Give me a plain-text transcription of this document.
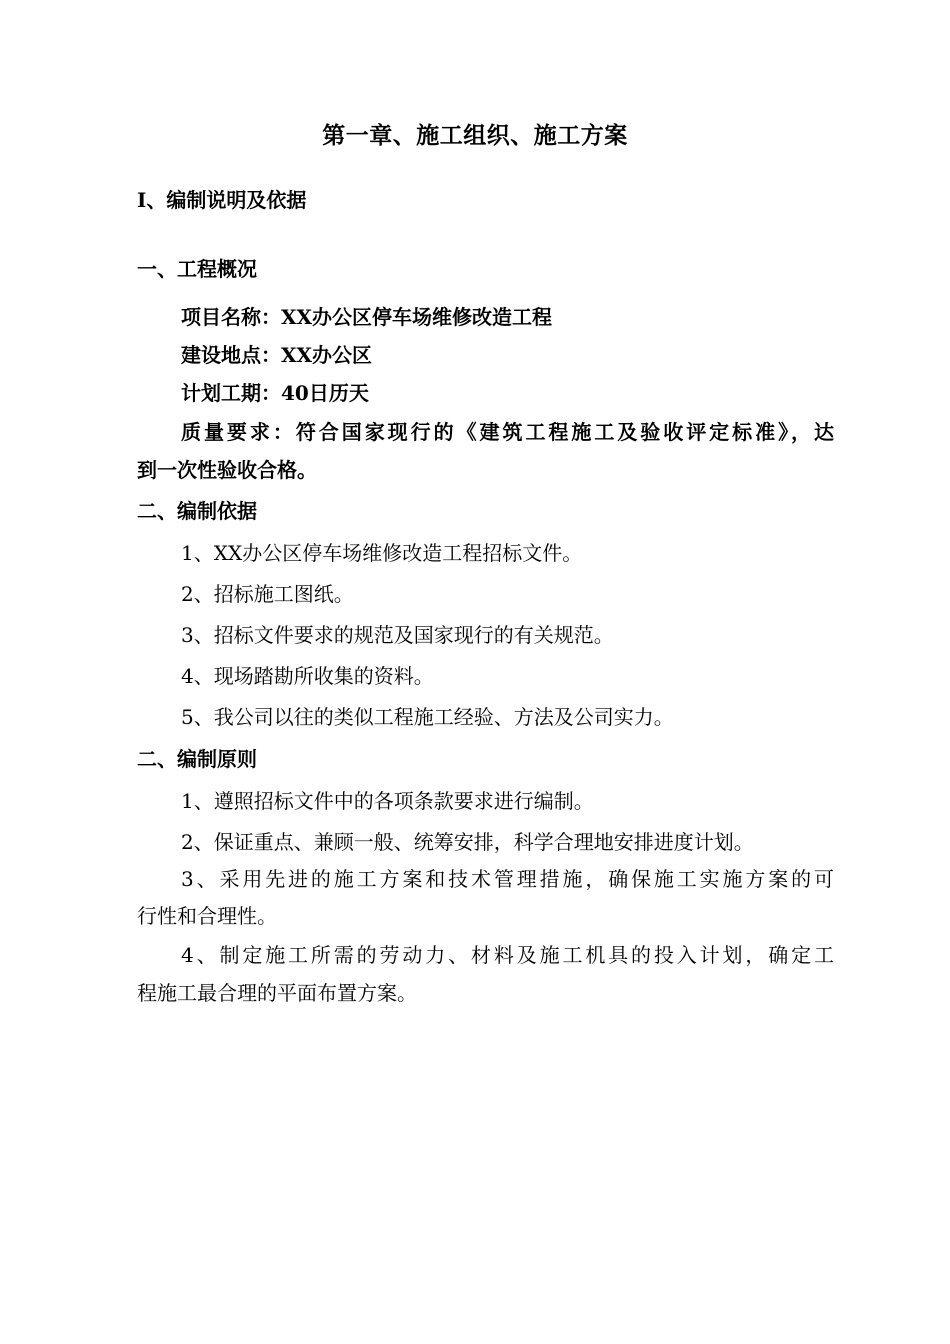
第一章、施工组织、施工方案
Ⅰ、编制说明及依据
一、工程概况
项目名称：XX办公区停车场维修改造工程
建设地点：XX办公区
计划工期：40日历天
质量要求：符合国家现行的《建筑工程施工及验收评定标准》，达
到一次性验收合格。
二、编制依据
1、XX办公区停车场维修改造工程招标文件。
2、招标施工图纸。
3、招标文件要求的规范及国家现行的有关规范。
4、现场踏勘所收集的资料。
5、我公司以往的类似工程施工经验、方法及公司实力。
二、编制原则
1、遵照招标文件中的各项条款要求进行编制。
2、保证重点、兼顾一般、统筹安排，科学合理地安排进度计划。
3、采用先进的施工方案和技术管理措施，确保施工实施方案的可
行性和合理性。
4、制定施工所需的劳动力、材料及施工机具的投入计划，确定工
程施工最合理的平面布置方案。
